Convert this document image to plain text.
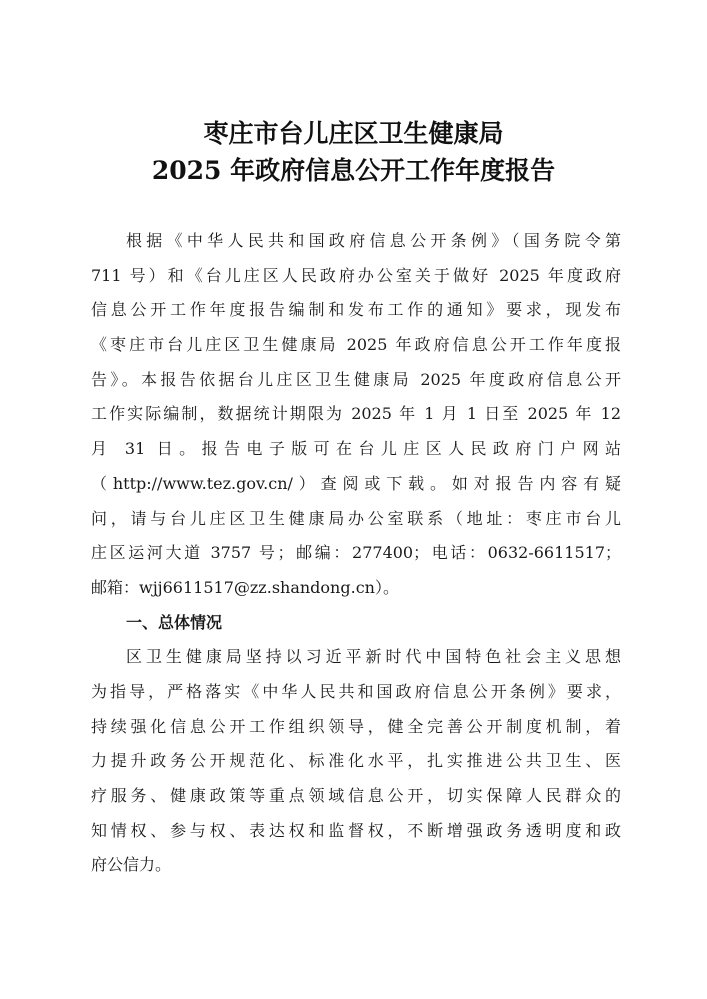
枣庄市台儿庄区卫生健康局
2025 年政府信息公开工作年度报告
根据《中华人民共和国政府信息公开条例》（国务院令第
711 号）和《台儿庄区人民政府办公室关于做好 2025 年度政府
信息公开工作年度报告编制和发布工作的通知》要求，现发布
《枣庄市台儿庄区卫生健康局 2025 年政府信息公开工作年度报
告》。本报告依据台儿庄区卫生健康局 2025 年度政府信息公开
工作实际编制，数据统计期限为 2025 年 1 月 1 日至 2025 年 12
月 31 日。报告电子版可在台儿庄区人民政府门户网站
（http://www.tez.gov.cn/）查阅或下载。如对报告内容有疑
问，请与台儿庄区卫生健康局办公室联系（地址：枣庄市台儿
庄区运河大道 3757 号；邮编：277400；电话：0632-6611517；
邮箱：wjj6611517@zz.shandong.cn）。
一、总体情况
区卫生健康局坚持以习近平新时代中国特色社会主义思想
为指导，严格落实《中华人民共和国政府信息公开条例》要求，
持续强化信息公开工作组织领导，健全完善公开制度机制，着
力提升政务公开规范化、标准化水平，扎实推进公共卫生、医
疗服务、健康政策等重点领域信息公开，切实保障人民群众的
知情权、参与权、表达权和监督权，不断增强政务透明度和政
府公信力。
